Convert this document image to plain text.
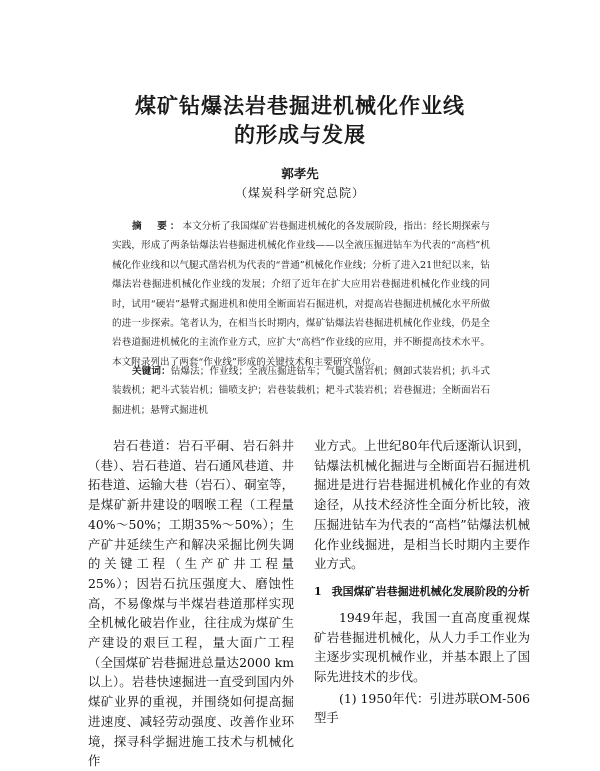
煤矿钻爆法岩巷掘进机械化作业线
的形成与发展
郭孝先
（煤炭科学研究总院）
摘　要：本文分析了我国煤矿岩巷掘进机械化的各发展阶段，指出：经长期探索与实践，形成了两条钻爆法岩巷掘进机械化作业线——以全液压掘进钻车为代表的“高档”机械化作业线和以气腿式凿岩机为代表的“普通”机械化作业线；分析了进入21世纪以来，钻爆法岩巷掘进机械化作业线的发展；介绍了近年在扩大应用岩巷掘进机械化作业线的同时，试用“硬岩”悬臂式掘进机和使用全断面岩石掘进机，对提高岩巷掘进机械化水平所做的进一步探索。笔者认为，在相当长时期内，煤矿钻爆法岩巷掘进机械化作业线，仍是全岩巷道掘进机械化的主流作业方式，应扩大“高档”作业线的应用，并不断提高技术水平。本文附录列出了两套“作业线”形成的关键技术和主要研究单位。
关键词：钻爆法；作业线；全液压掘进钻车；气腿式凿岩机；侧卸式装岩机；扒斗式装载机；耙斗式装岩机；锚喷支护；岩巷装载机；耙斗式装岩机；岩巷掘进；全断面岩石掘进机；悬臂式掘进机

岩石巷道：岩石平硐、岩石斜井（巷）、岩石巷道、岩石通风巷道、井拓巷道、运输大巷（岩石）、硐室等，是煤矿新井建设的咽喉工程（工程量40%～50%；工期35%～50%）；生产矿井延续生产和解决采掘比例失调的关键工程（生产矿井工程量25%）；因岩石抗压强度大、磨蚀性高，不易像煤与半煤岩巷道那样实现全机械化破岩作业，往往成为煤矿生产建设的艰巨工程，量大面广工程（全国煤矿岩巷掘进总量达2000 km以上）。岩巷快速掘进一直受到国内外煤矿业界的重视，并围绕如何提高掘进速度、减轻劳动强度、改善作业环境，探寻科学掘进施工技术与机械化作

业方式。上世纪80年代后逐渐认识到，钻爆法机械化掘进与全断面岩石掘进机掘进是进行岩巷掘进机械化作业的有效途径，从技术经济性全面分析比较，液压掘进钻车为代表的“高档”钻爆法机械化作业线掘进，是相当长时期内主要作业方式。

1 我国煤矿岩巷掘进机械化发展阶段的分析

1949年起，我国一直高度重视煤矿岩巷掘进机械化，从人力手工作业为主逐步实现机械作业，并基本跟上了国际先进技术的步伐。

(1) 1950年代：引进苏联OM-506型手
